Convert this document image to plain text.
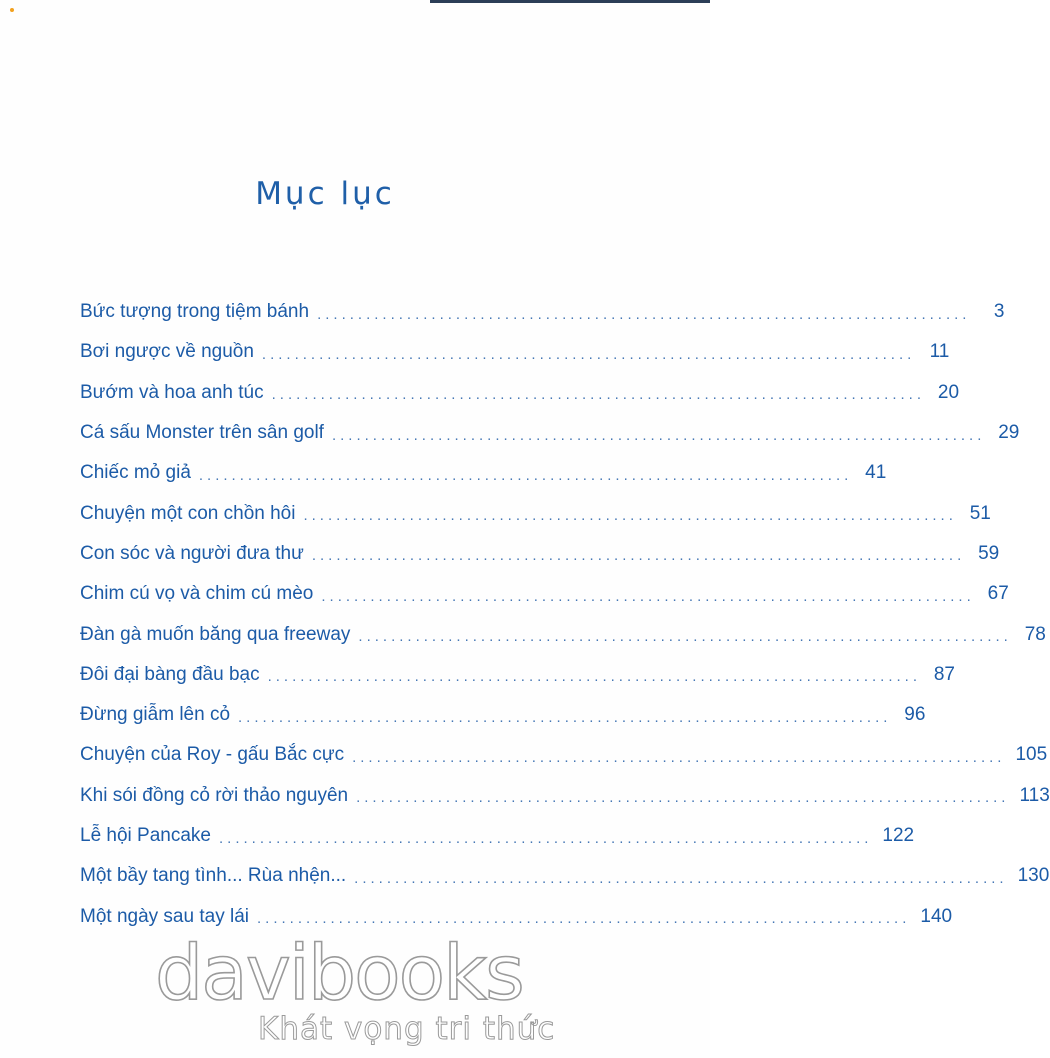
Mục lục
Bức tượng trong tiệm bánh ................................................................................	3
Bơi ngược về nguồn ................................................................................ 11
Bướm và hoa anh túc ................................................................................ 20
Cá sấu Monster trên sân golf ................................................................................ 29
Chiếc mỏ giả ................................................................................ 41
Chuyện một con chồn hôi ................................................................................ 51
Con sóc và người đưa thư ................................................................................ 59
Chim cú vọ và chim cú mèo ................................................................................ 67
Đàn gà muốn băng qua freeway ................................................................................ 78
Đôi đại bàng đầu bạc ................................................................................ 87
Đừng giẫm lên cỏ ................................................................................ 96
Chuyện của Roy - gấu Bắc cực ................................................................................ 105
Khi sói đồng cỏ rời thảo nguyên ................................................................................ 113
Lễ hội Pancake ................................................................................ 122
Một bầy tang tình... Rùa nhện... ................................................................................ 130
Một ngày sau tay lái ................................................................................ 140
davibooks
Khát vọng tri thức
